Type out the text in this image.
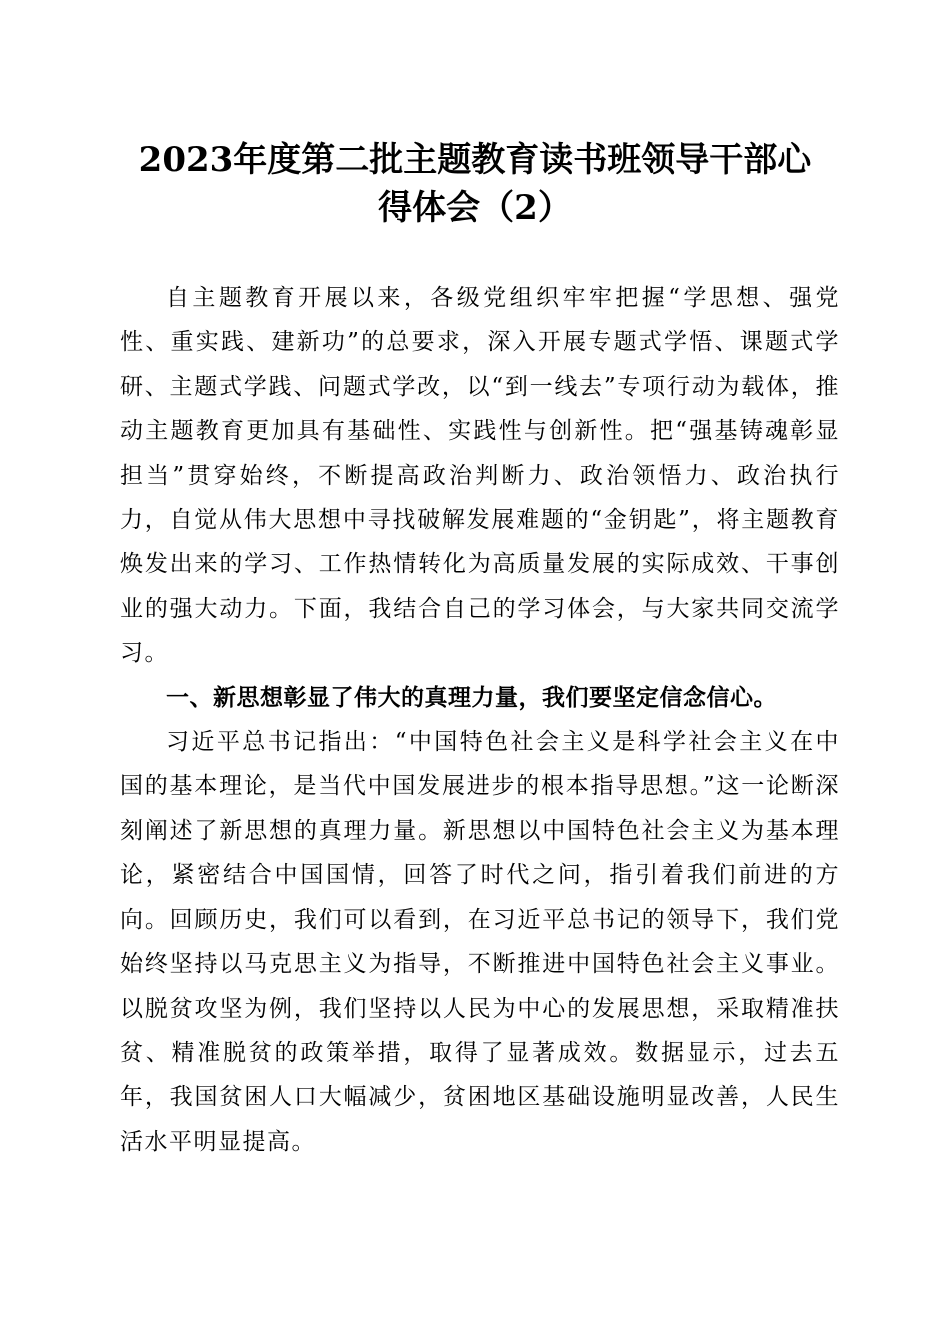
2023年度第二批主题教育读书班领导干部心
得体会（2）

自主题教育开展以来，各级党组织牢牢把握“学思想、强党性、重实践、建新功”的总要求，深入开展专题式学悟、课题式学研、主题式学践、问题式学改，以“到一线去”专项行动为载体，推动主题教育更加具有基础性、实践性与创新性。把“强基铸魂彰显担当”贯穿始终，不断提高政治判断力、政治领悟力、政治执行力，自觉从伟大思想中寻找破解发展难题的“金钥匙”，将主题教育焕发出来的学习、工作热情转化为高质量发展的实际成效、干事创业的强大动力。下面，我结合自己的学习体会，与大家共同交流学习。

一、新思想彰显了伟大的真理力量，我们要坚定信念信心。

习近平总书记指出：“中国特色社会主义是科学社会主义在中国的基本理论，是当代中国发展进步的根本指导思想。”这一论断深刻阐述了新思想的真理力量。新思想以中国特色社会主义为基本理论，紧密结合中国国情，回答了时代之问，指引着我们前进的方向。回顾历史，我们可以看到，在习近平总书记的领导下，我们党始终坚持以马克思主义为指导，不断推进中国特色社会主义事业。以脱贫攻坚为例，我们坚持以人民为中心的发展思想，采取精准扶贫、精准脱贫的政策举措，取得了显著成效。数据显示，过去五年，我国贫困人口大幅减少，贫困地区基础设施明显改善，人民生活水平明显提高。
